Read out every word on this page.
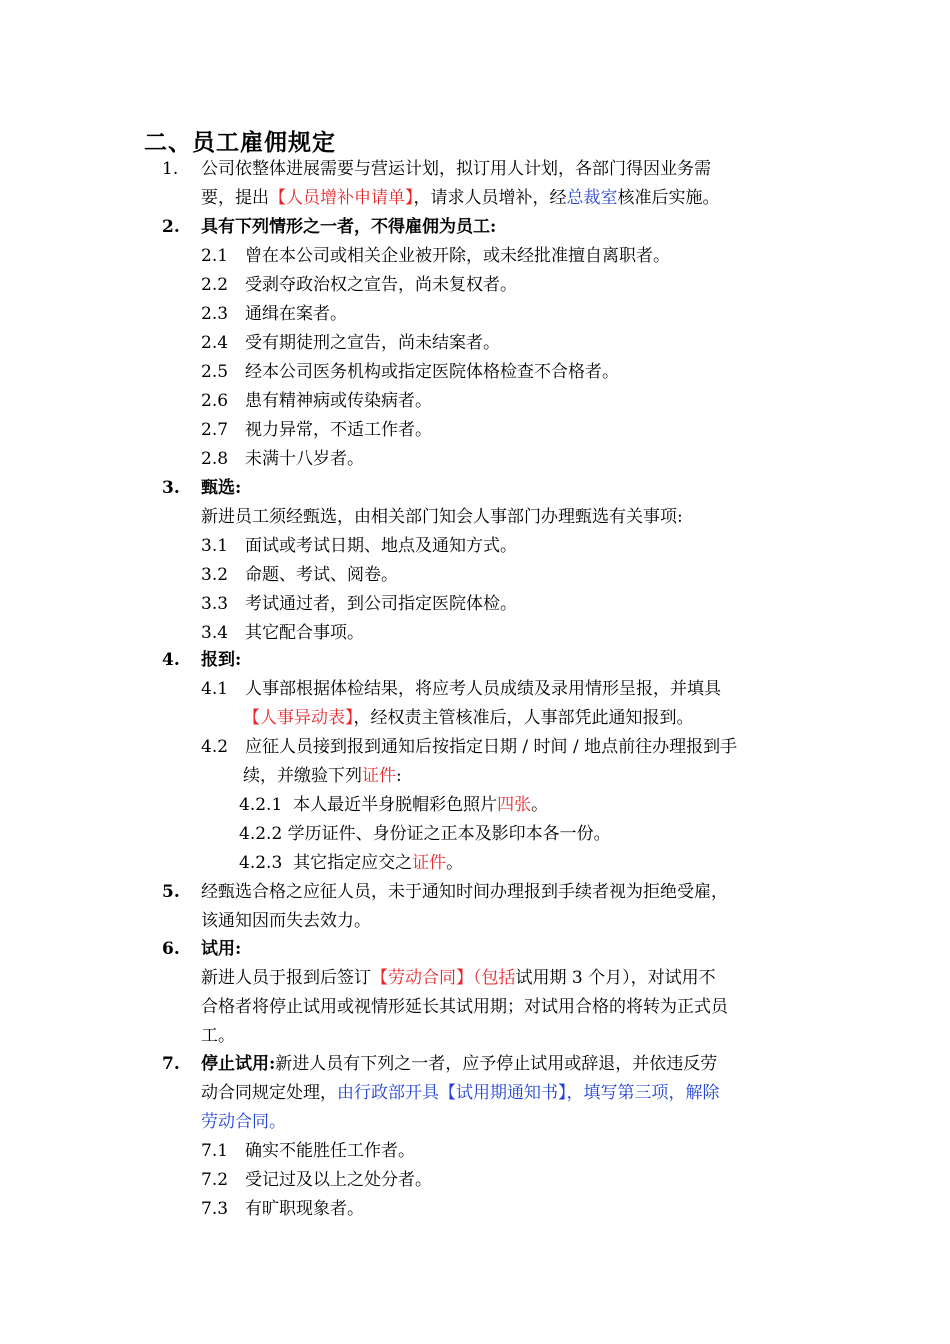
二、员工雇佣规定
1. 公司依整体进展需要与营运计划，拟订用人计划，各部门得因业务需
要，提出【人员增补申请单】，请求人员增补，经总裁室核准后实施。
2. 具有下列情形之一者，不得雇佣为员工:
2.1 曾在本公司或相关企业被开除，或未经批准擅自离职者。
2.2 受剥夺政治权之宣告，尚未复权者。
2.3 通缉在案者。
2.4 受有期徒刑之宣告，尚未结案者。
2.5 经本公司医务机构或指定医院体格检查不合格者。
2.6 患有精神病或传染病者。
2.7 视力异常，不适工作者。
2.8 未满十八岁者。
3. 甄选:
新进员工须经甄选，由相关部门知会人事部门办理甄选有关事项:
3.1 面试或考试日期、地点及通知方式。
3.2 命题、考试、阅卷。
3.3 考试通过者，到公司指定医院体检。
3.4 其它配合事项。
4. 报到:
4.1 人事部根据体检结果，将应考人员成绩及录用情形呈报，并填具
【人事异动表】，经权责主管核准后，人事部凭此通知报到。
4.2 应征人员接到报到通知后按指定日期 / 时间 / 地点前往办理报到手
续，并缴验下列证件:
4.2.1 本人最近半身脱帽彩色照片四张。
4.2.2 学历证件、身份证之正本及影印本各一份。
4.2.3 其它指定应交之证件。
5. 经甄选合格之应征人员，未于通知时间办理报到手续者视为拒绝受雇，
该通知因而失去效力。
6. 试用:
新进人员于报到后签订【劳动合同】（包括试用期 3 个月），对试用不
合格者将停止试用或视情形延长其试用期；对试用合格的将转为正式员
工。
7. 停止试用:新进人员有下列之一者，应予停止试用或辞退，并依违反劳
动合同规定处理，由行政部开具【试用期通知书】，填写第三项，解除
劳动合同。
7.1 确实不能胜任工作者。
7.2 受记过及以上之处分者。
7.3 有旷职现象者。
